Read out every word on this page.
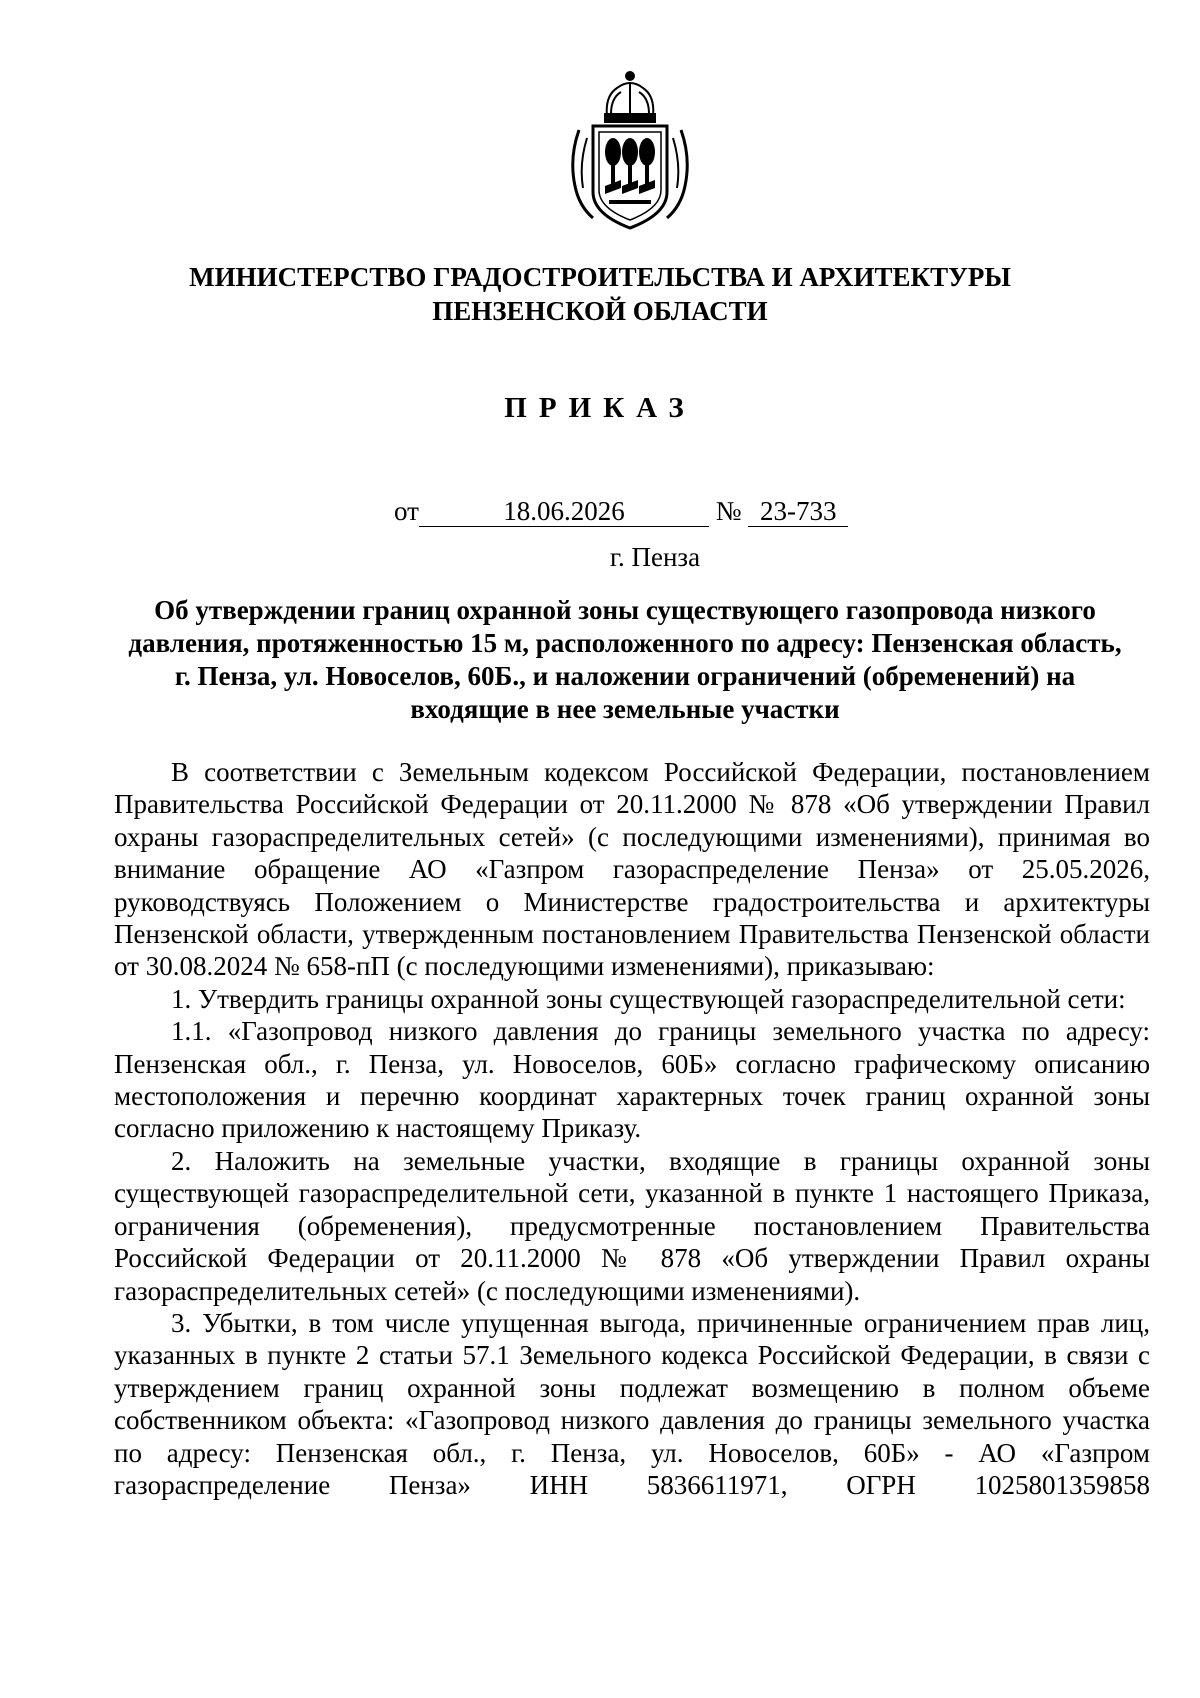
МИНИСТЕРСТВО ГРАДОСТРОИТЕЛЬСТВА И АРХИТЕКТУРЫ
ПЕНЗЕНСКОЙ ОБЛАСТИ
ПРИКАЗ
от	18.06.2026	№ 23-733
г. Пенза
Об утверждении границ охранной зоны существующего газопровода низкого давления, протяженностью 15 м, расположенного по адресу: Пензенская область, г. Пенза, ул. Новоселов, 60Б., и наложении ограничений (обременений) на входящие в нее земельные участки

В соответствии с Земельным кодексом Российской Федерации, постановлением Правительства Российской Федерации от 20.11.2000 № 878 «Об утверждении Правил охраны газораспределительных сетей» (с последующими изменениями), принимая во внимание обращение АО «Газпром газораспределение Пенза» от 25.05.2026, руководствуясь Положением о Министерстве градостроительства и архитектуры Пензенской области, утвержденным постановлением Правительства Пензенской области от 30.08.2024 № 658-пП (с последующими изменениями), приказываю:

1. Утвердить границы охранной зоны существующей газораспределительной сети:

1.1. «Газопровод низкого давления до границы земельного участка по адресу: Пензенская обл., г. Пенза, ул. Новоселов, 60Б» согласно графическому описанию местоположения и перечню координат характерных точек границ охранной зоны согласно приложению к настоящему Приказу.

2. Наложить на земельные участки, входящие в границы охранной зоны существующей газораспределительной сети, указанной в пункте 1 настоящего Приказа, ограничения (обременения), предусмотренные постановлением Правительства Российской Федерации от 20.11.2000 № 878 «Об утверждении Правил охраны газораспределительных сетей» (с последующими изменениями).

3. Убытки, в том числе упущенная выгода, причиненные ограничением прав лиц, указанных в пункте 2 статьи 57.1 Земельного кодекса Российской Федерации, в связи с утверждением границ охранной зоны подлежат возмещению в полном объеме собственником объекта: «Газопровод низкого давления до границы земельного участка по адресу: Пензенская обл., г. Пенза, ул. Новоселов, 60Б» - АО «Газпром газораспределение Пенза» ИНН 5836611971, ОГРН 1025801359858
